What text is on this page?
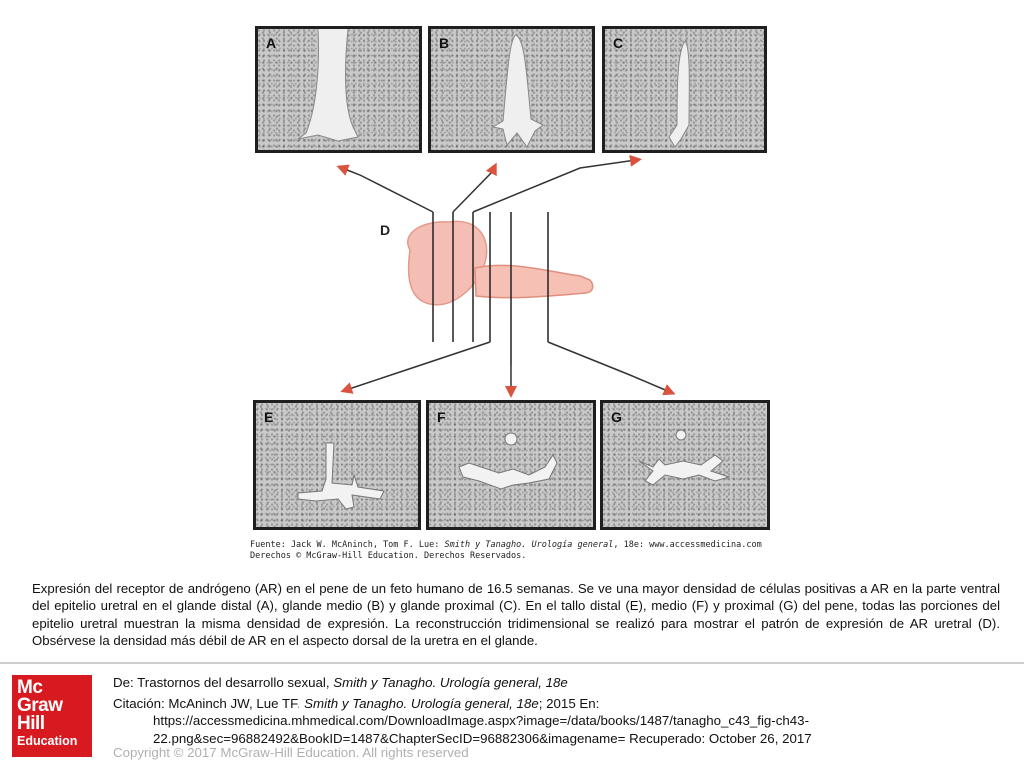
A	B	C
D
E	F	G
Fuente: Jack W. McAninch, Tom F. Lue: Smith y Tanagho. Urología general, 18e: www.accessmedicina.com
Derechos © McGraw-Hill Education. Derechos Reservados.

Expresión del receptor de andrógeno (AR) en el pene de un feto humano de 16.5 semanas. Se ve una mayor densidad de células positivas a AR en la parte ventral del epitelio uretral en el glande distal (A), glande medio (B) y glande proximal (C). En el tallo distal (E), medio (F) y proximal (G) del pene, todas las porciones del epitelio uretral muestran la misma densidad de expresión. La reconstrucción tridimensional se realizó para mostrar el patrón de expresión de AR uretral (D). Obsérvese la densidad más débil de AR en el aspecto dorsal de la uretra en el glande.

Mc
Graw
Hill
Education
De: Trastornos del desarrollo sexual, Smith y Tanagho. Urología general, 18e
Citación: McAninch JW, Lue TF. Smith y Tanagho. Urología general, 18e; 2015 En:
https://accessmedicina.mhmedical.com/DownloadImage.aspx?image=/data/books/1487/tanagho_c43_fig-ch43-
22.png&sec=96882492&BookID=1487&ChapterSecID=96882306&imagename= Recuperado: October 26, 2017
Copyright © 2017 McGraw-Hill Education. All rights reserved
